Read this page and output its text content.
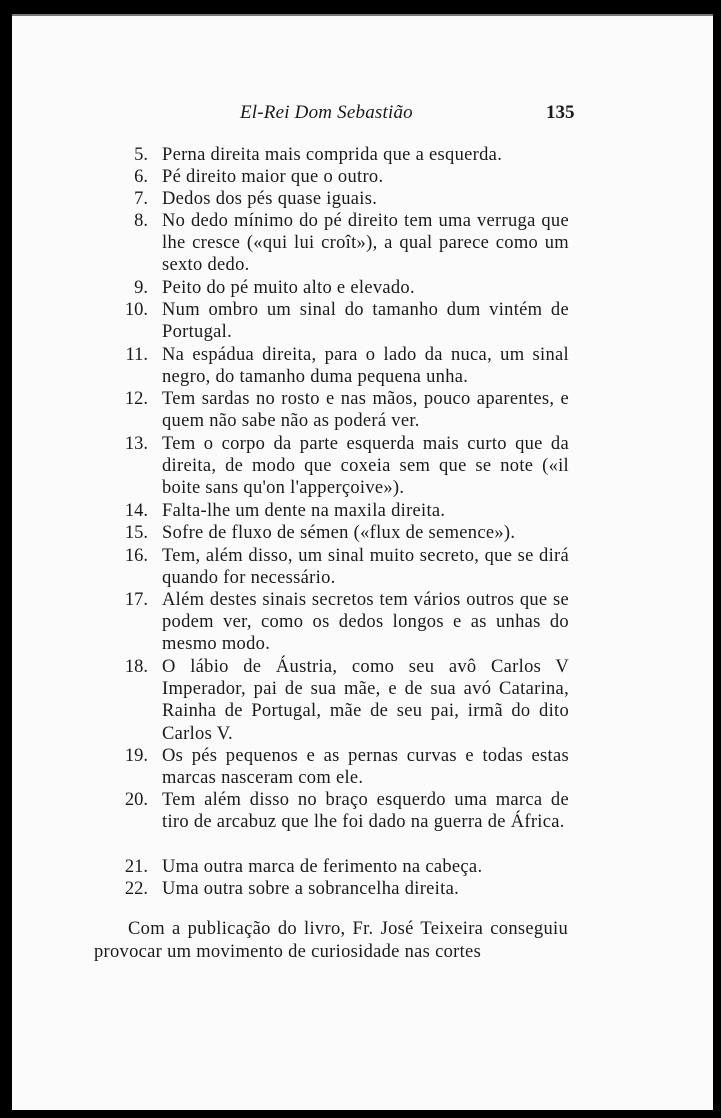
El-Rei Dom Sebastião	135
5. Perna direita mais comprida que a esquerda.
6. Pé direito maior que o outro.
7. Dedos dos pés quase iguais.
8. No dedo mínimo do pé direito tem uma verruga que lhe cresce («qui lui croît»), a qual parece como um sexto dedo.
9. Peito do pé muito alto e elevado.
10. Num ombro um sinal do tamanho dum vintém de Portugal.
11. Na espádua direita, para o lado da nuca, um sinal negro, do tamanho duma pequena unha.
12. Tem sardas no rosto e nas mãos, pouco aparentes, e quem não sabe não as poderá ver.
13. Tem o corpo da parte esquerda mais curto que da direita, de modo que coxeia sem que se note («il boite sans qu'on l'apperçoive»).
14. Falta-lhe um dente na maxila direita.
15. Sofre de fluxo de sémen («flux de semence»).
16. Tem, além disso, um sinal muito secreto, que se dirá quando for necessário.
17. Além destes sinais secretos tem vários outros que se podem ver, como os dedos longos e as unhas do mesmo modo.
18. O lábio de Áustria, como seu avô Carlos V Imperador, pai de sua mãe, e de sua avó Catarina, Rainha de Portugal, mãe de seu pai, irmã do dito Carlos V.
19. Os pés pequenos e as pernas curvas e todas estas marcas nasceram com ele.
20. Tem além disso no braço esquerdo uma marca de tiro de arcabuz que lhe foi dado na guerra de África.
21. Uma outra marca de ferimento na cabeça.
22. Uma outra sobre a sobrancelha direita.
Com a publicação do livro, Fr. José Teixeira conseguiu provocar um movimento de curiosidade nas cortes
